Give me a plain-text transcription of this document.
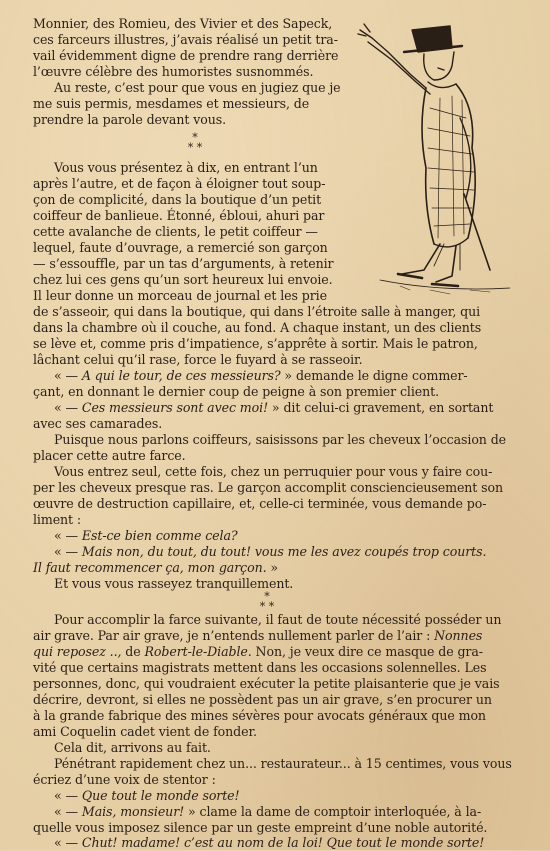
Monnier, des Romieu, des Vivier et des Sapeck,

ces farceurs illustres, j’avais réalisé un petit tra-

vail évidemment digne de prendre rang derrière

l’œuvre célèbre des humoristes susnommés.

Au reste, c’est pour que vous en jugiez que je

me suis permis, mesdames et messieurs, de

prendre la parole devant vous.

*
* *

Vous vous présentez à dix, en entrant l’un

après l’autre, et de façon à éloigner tout soup-

çon de complicité, dans la boutique d’un petit

coiffeur de banlieue. Étonné, ébloui, ahuri par

cette avalanche de clients, le petit coiffeur —

lequel, faute d’ouvrage, a remercié son garçon

— s’essouffle, par un tas d’arguments, à retenir

chez lui ces gens qu’un sort heureux lui envoie.

Il leur donne un morceau de journal et les prie

de s’asseoir, qui dans la boutique, qui dans l’étroite salle à manger, qui

dans la chambre où il couche, au fond. A chaque instant, un des clients

se lève et, comme pris d’impatience, s’apprête à sortir. Mais le patron,

lâchant celui qu’il rase, force le fuyard à se rasseoir.

« — A qui le tour, de ces messieurs? » demande le digne commer-

çant, en donnant le dernier coup de peigne à son premier client.

« — Ces messieurs sont avec moi! » dit celui-ci gravement, en sortant

avec ses camarades.

Puisque nous parlons coiffeurs, saisissons par les cheveux l’occasion de

placer cette autre farce.

Vous entrez seul, cette fois, chez un perruquier pour vous y faire cou-

per les cheveux presque ras. Le garçon accomplit consciencieusement son

œuvre de destruction capillaire, et, celle-ci terminée, vous demande po-

liment :

« — Est-ce bien comme cela?

« — Mais non, du tout, du tout! vous me les avez coupés trop courts.

Il faut recommencer ça, mon garçon. »

Et vous vous rasseyez tranquillement.

*
* *

Pour accomplir la farce suivante, il faut de toute nécessité posséder un

air grave. Par air grave, je n’entends nullement parler de l’air : Nonnes

qui reposez .., de Robert-le-Diable. Non, je veux dire ce masque de gra-

vité que certains magistrats mettent dans les occasions solennelles. Les

personnes, donc, qui voudraient exécuter la petite plaisanterie que je vais

décrire, devront, si elles ne possèdent pas un air grave, s’en procurer un

à la grande fabrique des mines sévères pour avocats généraux que mon

ami Coquelin cadet vient de fonder.

Cela dit, arrivons au fait.

Pénétrant rapidement chez un... restaurateur... à 15 centimes, vous vous

écriez d’une voix de stentor :

« — Que tout le monde sorte!

« — Mais, monsieur! » clame la dame de comptoir interloquée, à la-

quelle vous imposez silence par un geste empreint d’une noble autorité.

« — Chut! madame! c’est au nom de la loi! Que tout le monde sorte!
